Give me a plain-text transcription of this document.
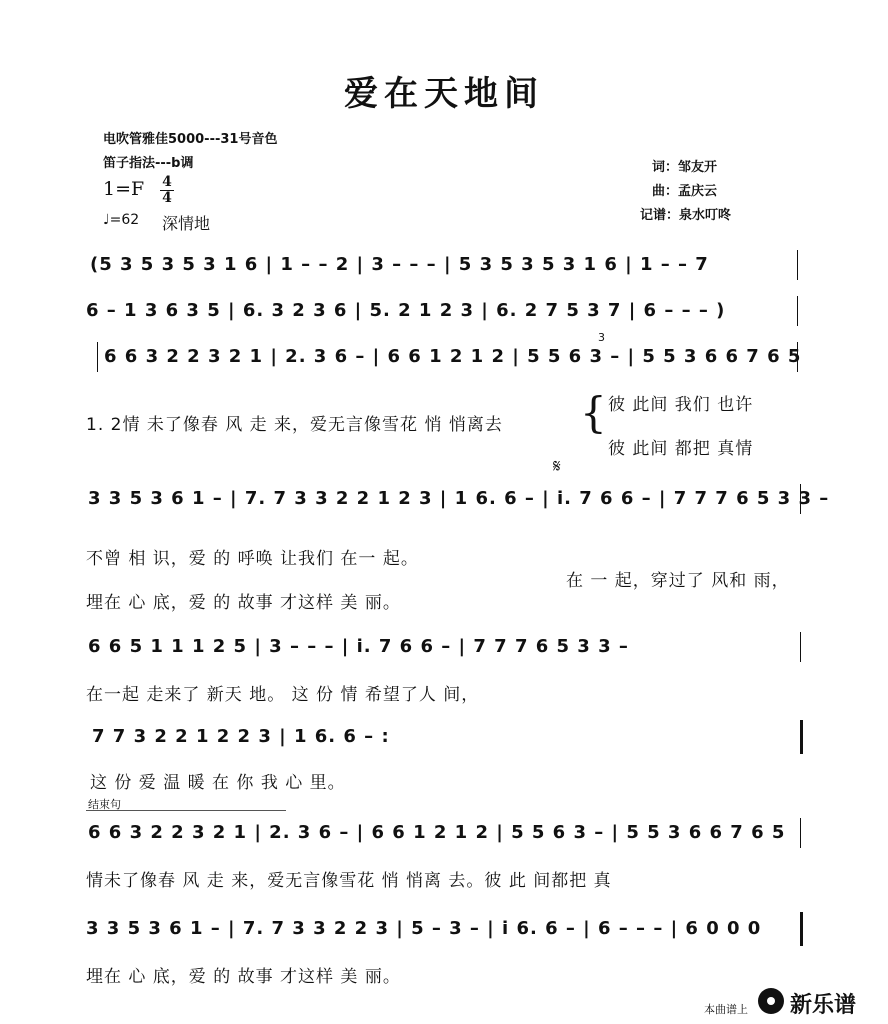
爱在天地间
电吹管雅佳5000---31号音色
笛子指法---b调
1=F 4
4
♩=62 深情地
词：邹友开
曲：孟庆云
记谱：泉水叮咚
(5 3 5 3 5 3 1 6 | 1 – – 2 | 3 – – – | 5 3 5 3 5 3 1 6 | 1 – – 7
6 – 1 3 6 3 5 | 6. 3 2 3 6 | 5. 2 1 2 3 | 6. 2 7 5 3 7 | 6 – – – )
6 6 3 2 2 3 2 1 | 2. 3 6 – | 6 6 1 2 1 2 | 5 5 6 3 – | 5 5 3 6 6 7 6 5
3
1. 2情 未了像春 风 走 来，爱无言像雪花 悄 悄离去 { 彼 此间 我们 也许
彼 此间 都把 真情
𝄋
3 3 5 3 6 1 – | 7. 7 3 3 2 2 1 2 3 | 1 6. 6 – | i. 7 6 6 – | 7 7 7 6 5 3 3 –
不曾 相 识，爱 的 呼唤 让我们 在一 起。
埋在 心 底，爱 的 故事 才这样 美 丽。
在 一 起，穿过了 风和 雨，
6 6 5 1 1 1 2 5 | 3 – – – | i. 7 6 6 – | 7 7 7 6 5 3 3 –
在一起 走来了 新天 地。 这 份 情 希望了人 间，
7 7 3 2 2 1 2 2 3 | 1 6. 6 – :
这 份 爱 温 暖 在 你 我 心 里。
结束句
6 6 3 2 2 3 2 1 | 2. 3 6 – | 6 6 1 2 1 2 | 5 5 6 3 – | 5 5 3 6 6 7 6 5
情未了像春 风 走 来，爱无言像雪花 悄 悄离 去。彼 此 间都把 真
3 3 5 3 6 1 – | 7. 7 3 3 2 2 3 | 5 – 3 – | i 6. 6 – | 6 – – – | 6 0 0 0
埋在 心 底，爱 的 故事 才这样 美 丽。
本曲谱上 新乐谱
